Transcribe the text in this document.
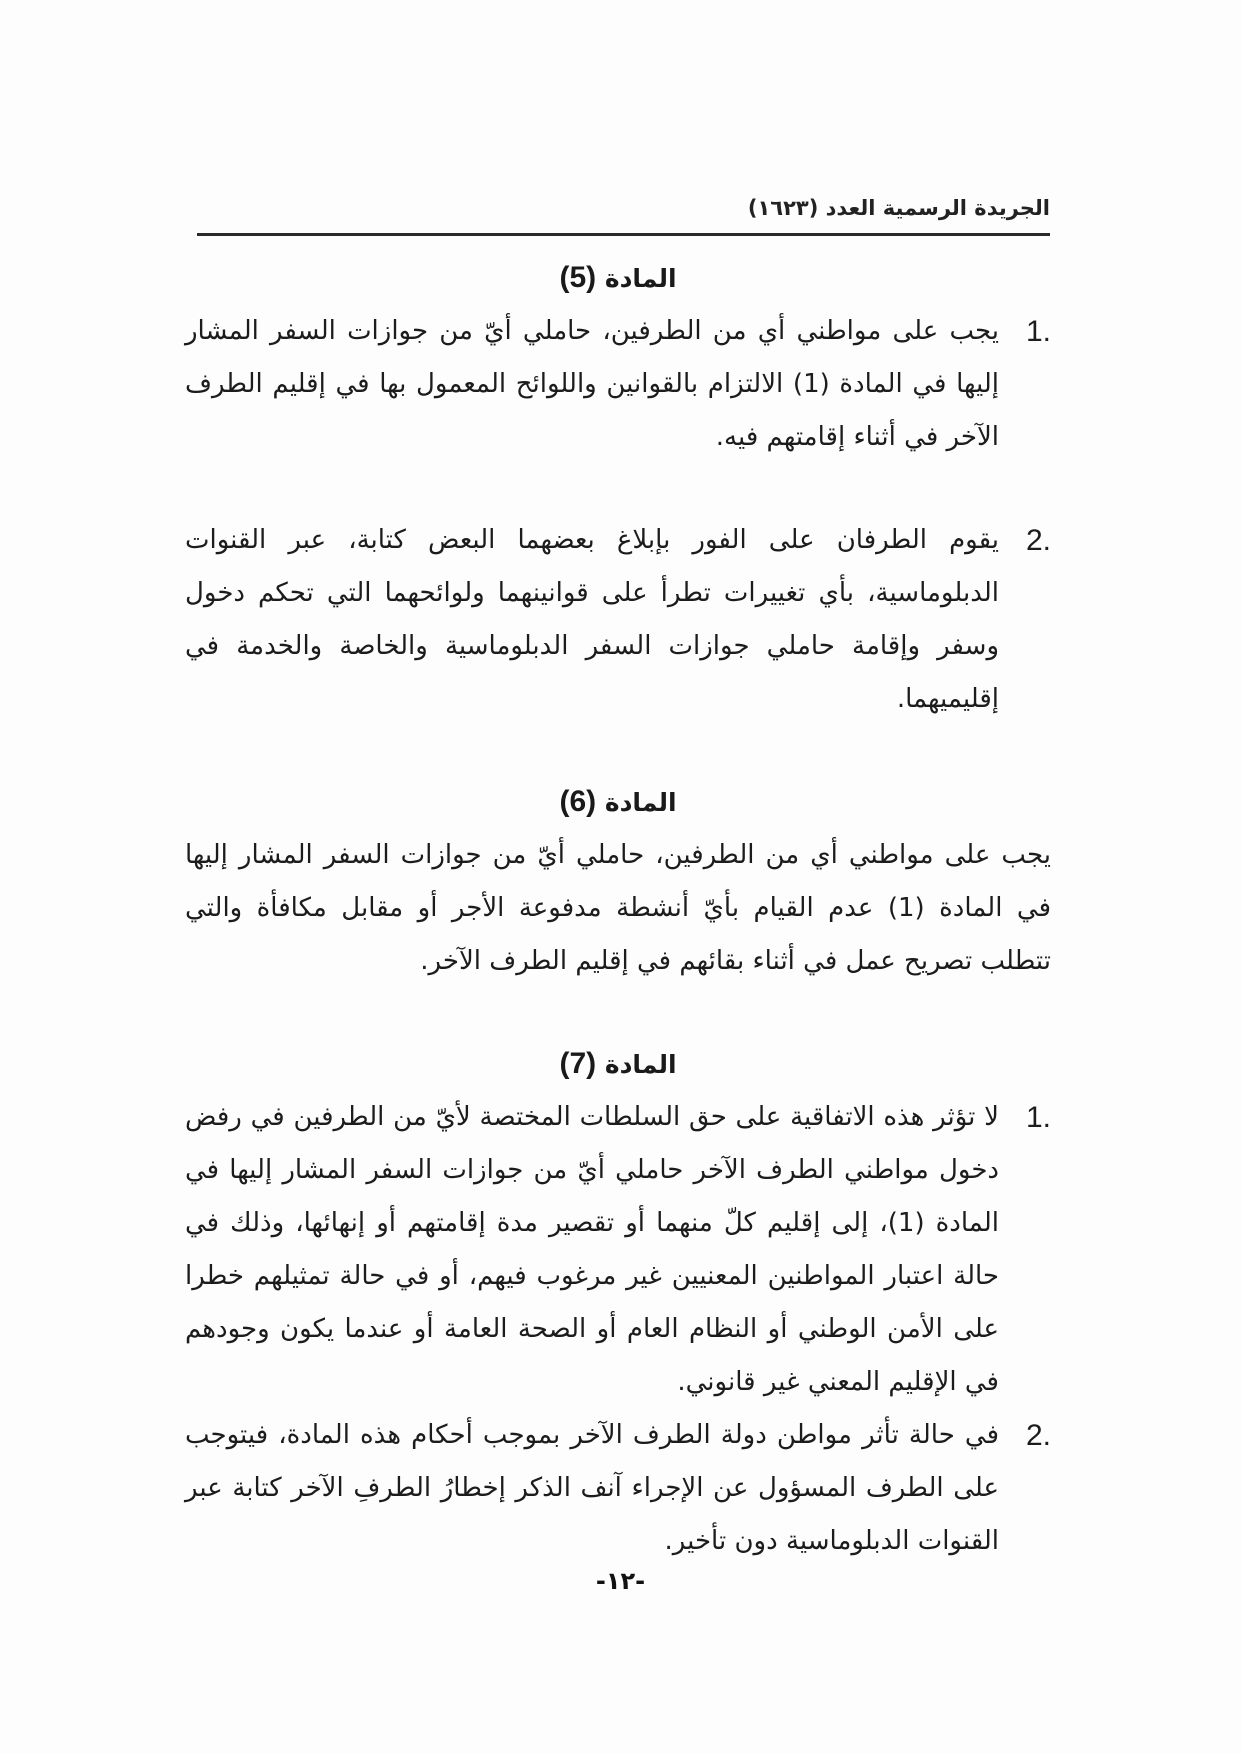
الجريدة الرسمية العدد (١٦٢٣)
المادة (5)
1.
يجب على مواطني أي من الطرفين، حاملي أيّ من جوازات السفر المشار إليها في المادة (1) الالتزام بالقوانين واللوائح المعمول بها في إقليم الطرف الآخر في أثناء إقامتهم فيه.
2.
يقوم الطرفان على الفور بإبلاغ بعضهما البعض كتابة، عبر القنوات الدبلوماسية، بأي تغييرات تطرأ على قوانينهما ولوائحهما التي تحكم دخول وسفر وإقامة حاملي جوازات السفر الدبلوماسية والخاصة والخدمة في إقليميهما.
المادة (6)

يجب على مواطني أي من الطرفين، حاملي أيّ من جوازات السفر المشار إليها في المادة (1) عدم القيام بأيّ أنشطة مدفوعة الأجر أو مقابل مكافأة والتي تتطلب تصريح عمل في أثناء بقائهم في إقليم الطرف الآخر.

المادة (7)
1.
لا تؤثر هذه الاتفاقية على حق السلطات المختصة لأيّ من الطرفين في رفض دخول مواطني الطرف الآخر حاملي أيّ من جوازات السفر المشار إليها في المادة (1)، إلى إقليم كلّ منهما أو تقصير مدة إقامتهم أو إنهائها، وذلك في حالة اعتبار المواطنين المعنيين غير مرغوب فيهم، أو في حالة تمثيلهم خطرا على الأمن الوطني أو النظام العام أو الصحة العامة أو عندما يكون وجودهم في الإقليم المعني غير قانوني.
2.
في حالة تأثر مواطن دولة الطرف الآخر بموجب أحكام هذه المادة، فيتوجب على الطرف المسؤول عن الإجراء آنف الذكر إخطارُ الطرفِ الآخر كتابة عبر القنوات الدبلوماسية دون تأخير.
-١٢-
